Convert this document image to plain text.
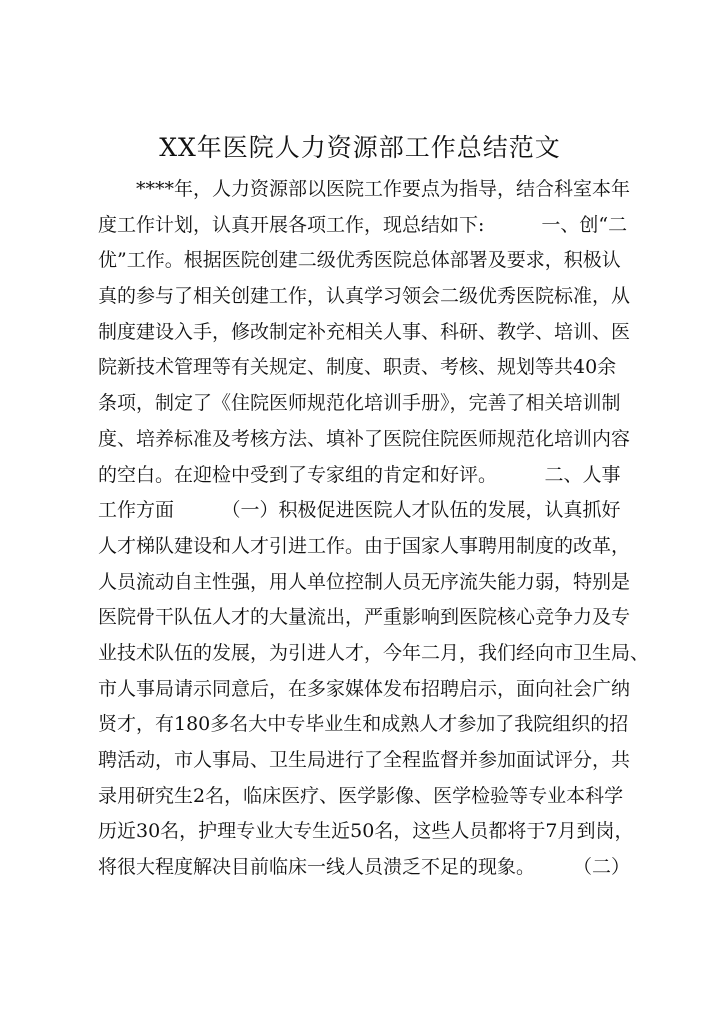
XX年医院人力资源部工作总结范文
　　****年，人力资源部以医院工作要点为指导，结合科室本年
度工作计划，认真开展各项工作，现总结如下:　　　一、创“二
优”工作。根据医院创建二级优秀医院总体部署及要求，积极认
真的参与了相关创建工作，认真学习领会二级优秀医院标准，从
制度建设入手，修改制定补充相关人事、科研、教学、培训、医
院新技术管理等有关规定、制度、职责、考核、规划等共40余
条项，制定了《住院医师规范化培训手册》，完善了相关培训制
度、培养标准及考核方法、填补了医院住院医师规范化培训内容
的空白。在迎检中受到了专家组的肯定和好评。　　　二、人事
工作方面　　　（一）积极促进医院人才队伍的发展，认真抓好
人才梯队建设和人才引进工作。由于国家人事聘用制度的改革，
人员流动自主性强，用人单位控制人员无序流失能力弱，特别是
医院骨干队伍人才的大量流出，严重影响到医院核心竞争力及专
业技术队伍的发展，为引进人才，今年二月，我们经向市卫生局、
市人事局请示同意后，在多家媒体发布招聘启示，面向社会广纳
贤才，有180多名大中专毕业生和成熟人才参加了我院组织的招
聘活动，市人事局、卫生局进行了全程监督并参加面试评分，共
录用研究生2名，临床医疗、医学影像、医学检验等专业本科学
历近30名，护理专业大专生近50名，这些人员都将于7月到岗，
将很大程度解决目前临床一线人员溃乏不足的现象。　　　（二）
